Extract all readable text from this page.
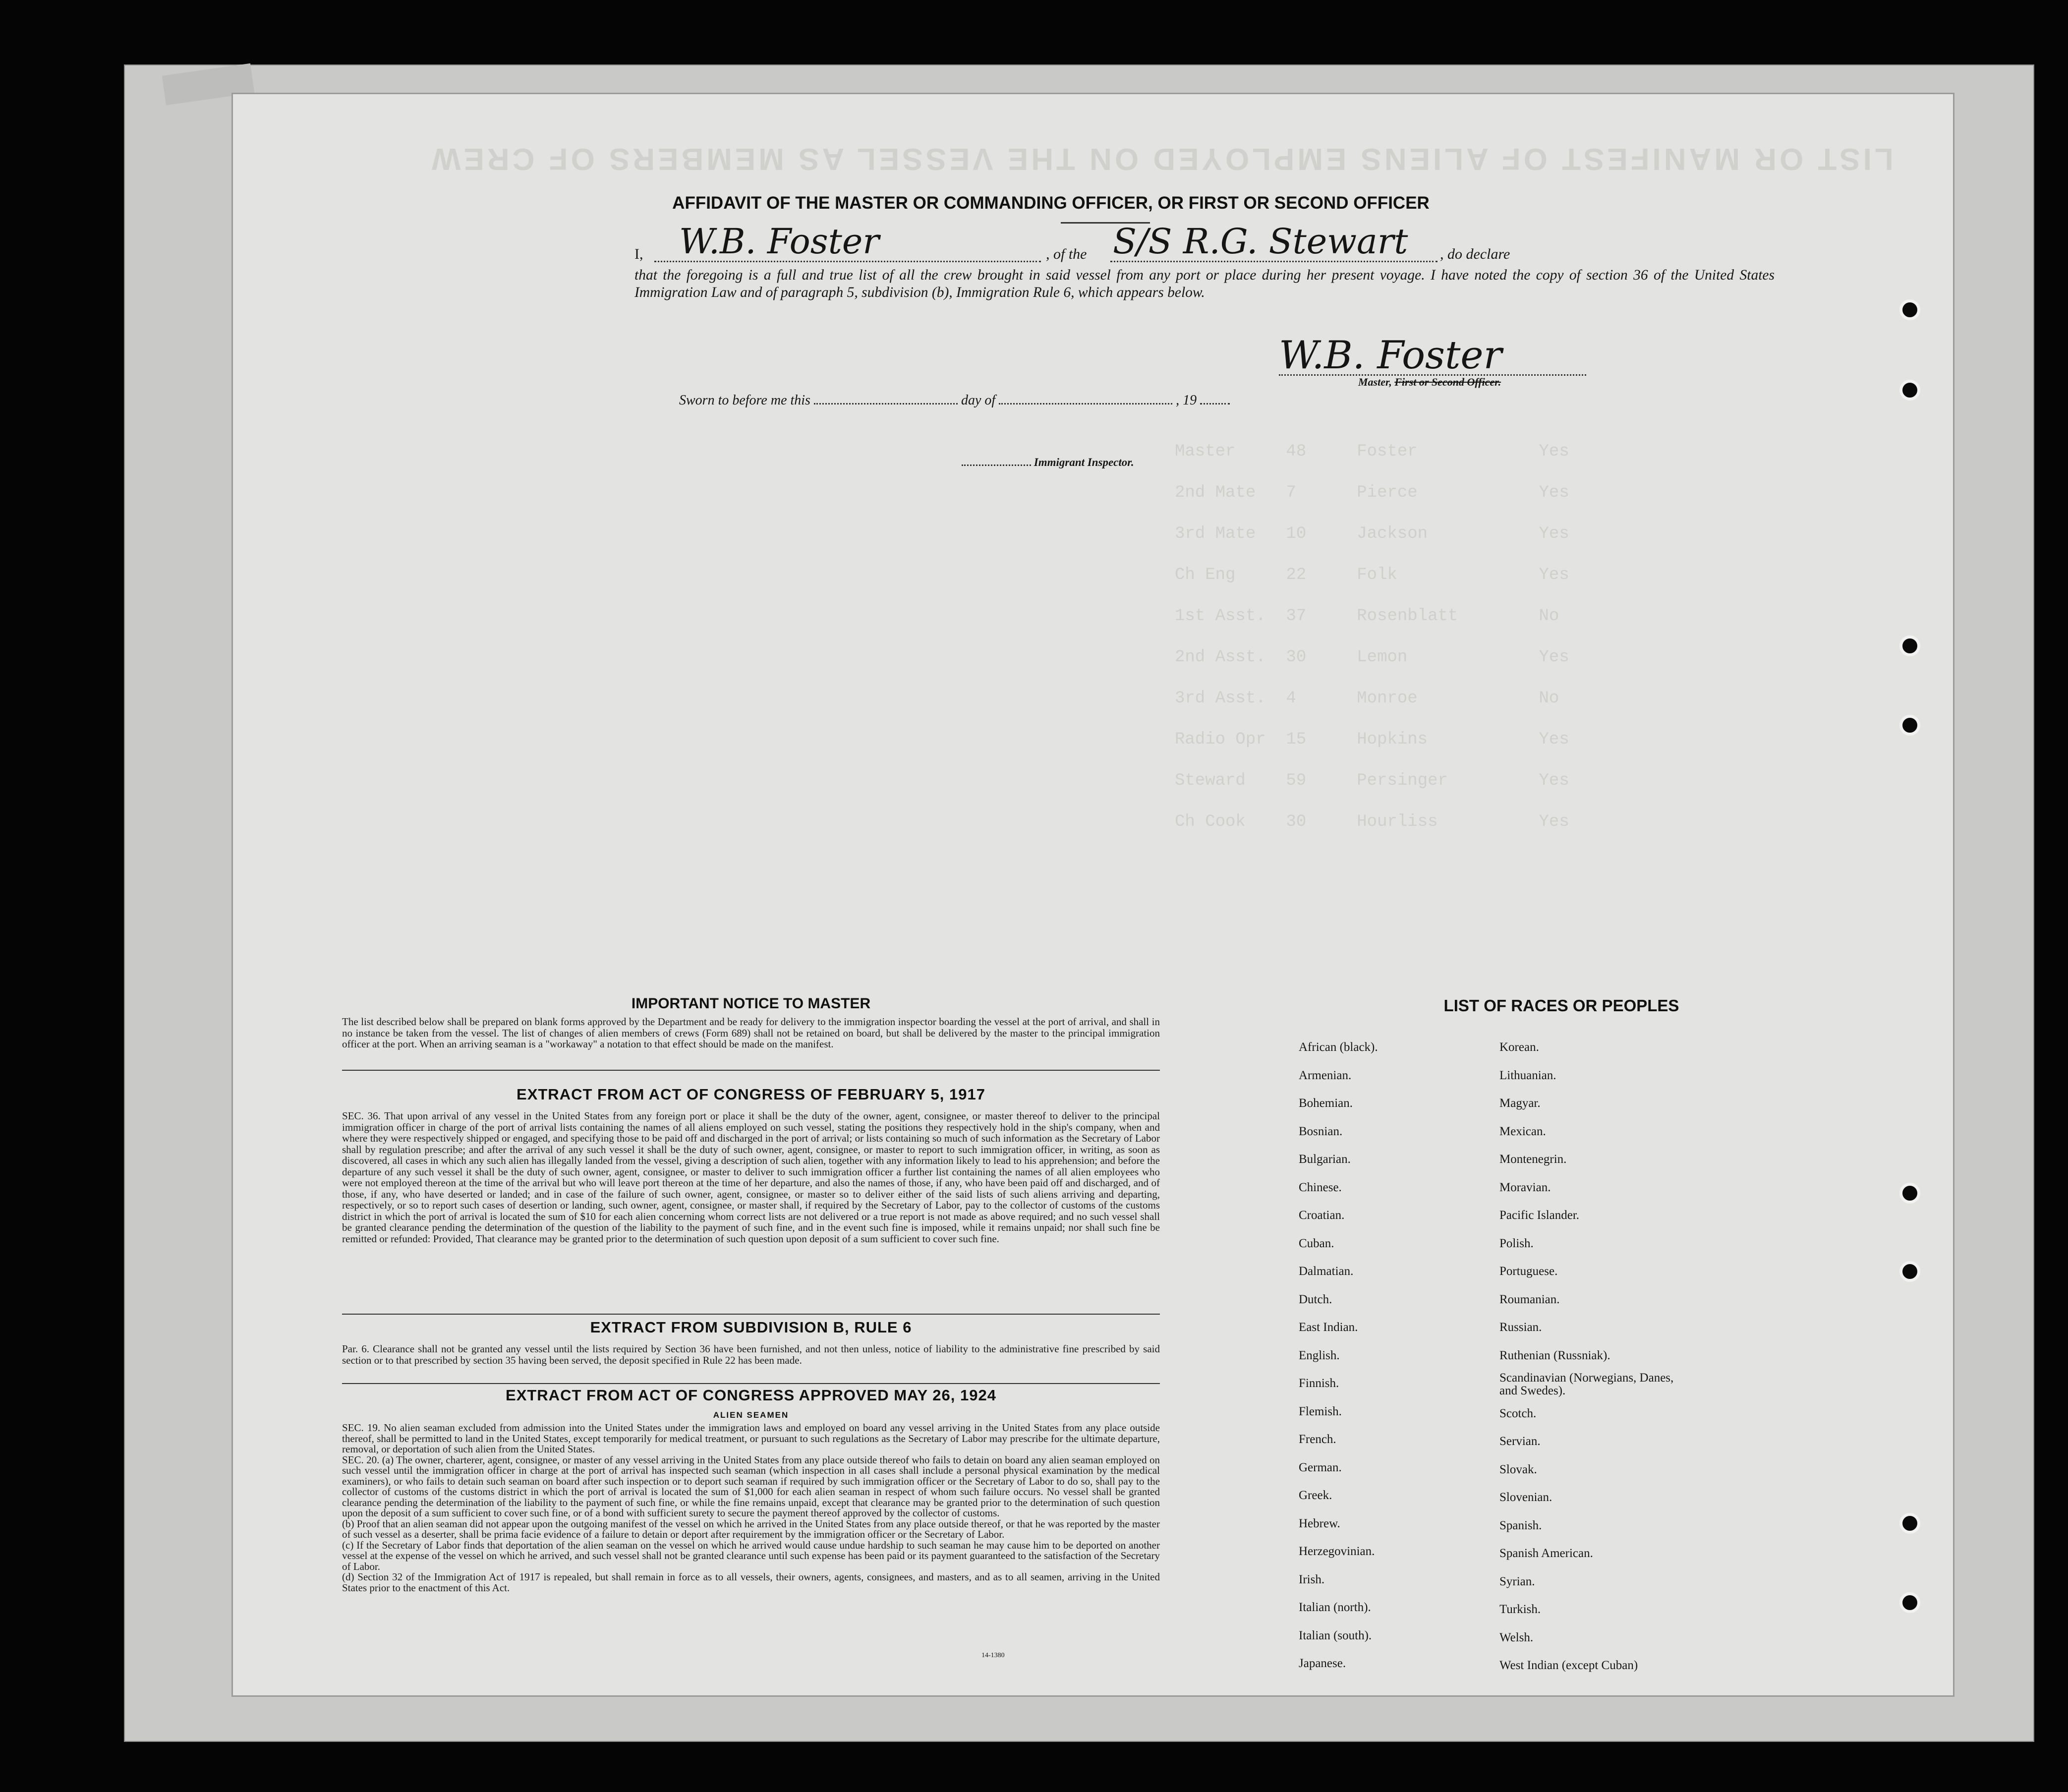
LIST OR MANIFEST OF ALIENS EMPLOYED ON THE VESSEL AS MEMBERS OF CREW
Master     48     Foster            Yes
2nd Mate   7      Pierce            Yes
3rd Mate   10     Jackson           Yes
Ch Eng     22     Folk              Yes
1st Asst.  37     Rosenblatt        No
2nd Asst.  30     Lemon             Yes
3rd Asst.  4      Monroe            No
Radio Opr  15     Hopkins           Yes
Steward    59     Persinger         Yes
Ch Cook    30     Hourliss          Yes
AFFIDAVIT OF THE MASTER OR COMMANDING OFFICER, OR FIRST OR SECOND OFFICER
I, W.B. Foster	, of the S/S R.G. Stewart , do declare
that the foregoing is a full and true list of all the crew brought in said vessel from any port or place during her present voyage. I have noted the copy of section 36 of the United States Immigration Law and of paragraph 5, subdivision (b), Immigration Rule 6, which appears below.
W.B. Foster
Master, First or Second Officer.
Sworn to before me this	day of	, 19
Immigrant Inspector.
IMPORTANT NOTICE TO MASTER
The list described below shall be prepared on blank forms approved by the Department and be ready for delivery to the immigration inspector boarding the vessel at the port of arrival, and shall in no instance be taken from the vessel. The list of changes of alien members of crews (Form 689) shall not be retained on board, but shall be delivered by the master to the principal immigration officer at the port. When an arriving seaman is a "workaway" a notation to that effect should be made on the manifest.
EXTRACT FROM ACT OF CONGRESS OF FEBRUARY 5, 1917
SEC. 36. That upon arrival of any vessel in the United States from any foreign port or place it shall be the duty of the owner, agent, consignee, or master thereof to deliver to the principal immigration officer in charge of the port of arrival lists containing the names of all aliens employed on such vessel, stating the positions they respectively hold in the ship's company, when and where they were respectively shipped or engaged, and specifying those to be paid off and discharged in the port of arrival; or lists containing so much of such information as the Secretary of Labor shall by regulation prescribe; and after the arrival of any such vessel it shall be the duty of such owner, agent, consignee, or master to report to such immigration officer, in writing, as soon as discovered, all cases in which any such alien has illegally landed from the vessel, giving a description of such alien, together with any information likely to lead to his apprehension; and before the departure of any such vessel it shall be the duty of such owner, agent, consignee, or master to deliver to such immigration officer a further list containing the names of all alien employees who were not employed thereon at the time of the arrival but who will leave port thereon at the time of her departure, and also the names of those, if any, who have been paid off and discharged, and of those, if any, who have deserted or landed; and in case of the failure of such owner, agent, consignee, or master so to deliver either of the said lists of such aliens arriving and departing, respectively, or so to report such cases of desertion or landing, such owner, agent, consignee, or master shall, if required by the Secretary of Labor, pay to the collector of customs of the customs district in which the port of arrival is located the sum of $10 for each alien concerning whom correct lists are not delivered or a true report is not made as above required; and no such vessel shall be granted clearance pending the determination of the question of the liability to the payment of such fine, and in the event such fine is imposed, while it remains unpaid; nor shall such fine be remitted or refunded: Provided, That clearance may be granted prior to the determination of such question upon deposit of a sum sufficient to cover such fine.
EXTRACT FROM SUBDIVISION B, RULE 6
Par. 6. Clearance shall not be granted any vessel until the lists required by Section 36 have been furnished, and not then unless, notice of liability to the administrative fine prescribed by said section or to that prescribed by section 35 having been served, the deposit specified in Rule 22 has been made.
EXTRACT FROM ACT OF CONGRESS APPROVED MAY 26, 1924
ALIEN SEAMEN
SEC. 19. No alien seaman excluded from admission into the United States under the immigration laws and employed on board any vessel arriving in the United States from any place outside thereof, shall be permitted to land in the United States, except temporarily for medical treatment, or pursuant to such regulations as the Secretary of Labor may prescribe for the ultimate departure, removal, or deportation of such alien from the United States.
SEC. 20. (a) The owner, charterer, agent, consignee, or master of any vessel arriving in the United States from any place outside thereof who fails to detain on board any alien seaman employed on such vessel until the immigration officer in charge at the port of arrival has inspected such seaman (which inspection in all cases shall include a personal physical examination by the medical examiners), or who fails to detain such seaman on board after such inspection or to deport such seaman if required by such immigration officer or the Secretary of Labor to do so, shall pay to the collector of customs of the customs district in which the port of arrival is located the sum of $1,000 for each alien seaman in respect of whom such failure occurs. No vessel shall be granted clearance pending the determination of the liability to the payment of such fine, or while the fine remains unpaid, except that clearance may be granted prior to the determination of such question upon the deposit of a sum sufficient to cover such fine, or of a bond with sufficient surety to secure the payment thereof approved by the collector of customs.
(b) Proof that an alien seaman did not appear upon the outgoing manifest of the vessel on which he arrived in the United States from any place outside thereof, or that he was reported by the master of such vessel as a deserter, shall be prima facie evidence of a failure to detain or deport after requirement by the immigration officer or the Secretary of Labor.
(c) If the Secretary of Labor finds that deportation of the alien seaman on the vessel on which he arrived would cause undue hardship to such seaman he may cause him to be deported on another vessel at the expense of the vessel on which he arrived, and such vessel shall not be granted clearance until such expense has been paid or its payment guaranteed to the satisfaction of the Secretary of Labor.
(d) Section 32 of the Immigration Act of 1917 is repealed, but shall remain in force as to all vessels, their owners, agents, consignees, and masters, and as to all seamen, arriving in the United States prior to the enactment of this Act.
14-1380
LIST OF RACES OR PEOPLES
African (black).
Armenian.
Bohemian.
Bosnian.
Bulgarian.
Chinese.
Croatian.
Cuban.
Dalmatian.
Dutch.
East Indian.
English.
Finnish.
Flemish.
French.
German.
Greek.
Hebrew.
Herzegovinian.
Irish.
Italian (north).
Italian (south).
Japanese.
Korean.
Lithuanian.
Magyar.
Mexican.
Montenegrin.
Moravian.
Pacific Islander.
Polish.
Portuguese.
Roumanian.
Russian.
Ruthenian (Russniak).
Scandinavian (Norwegians, Danes, and Swedes).
Scotch.
Servian.
Slovak.
Slovenian.
Spanish.
Spanish American.
Syrian.
Turkish.
Welsh.
West Indian (except Cuban)
